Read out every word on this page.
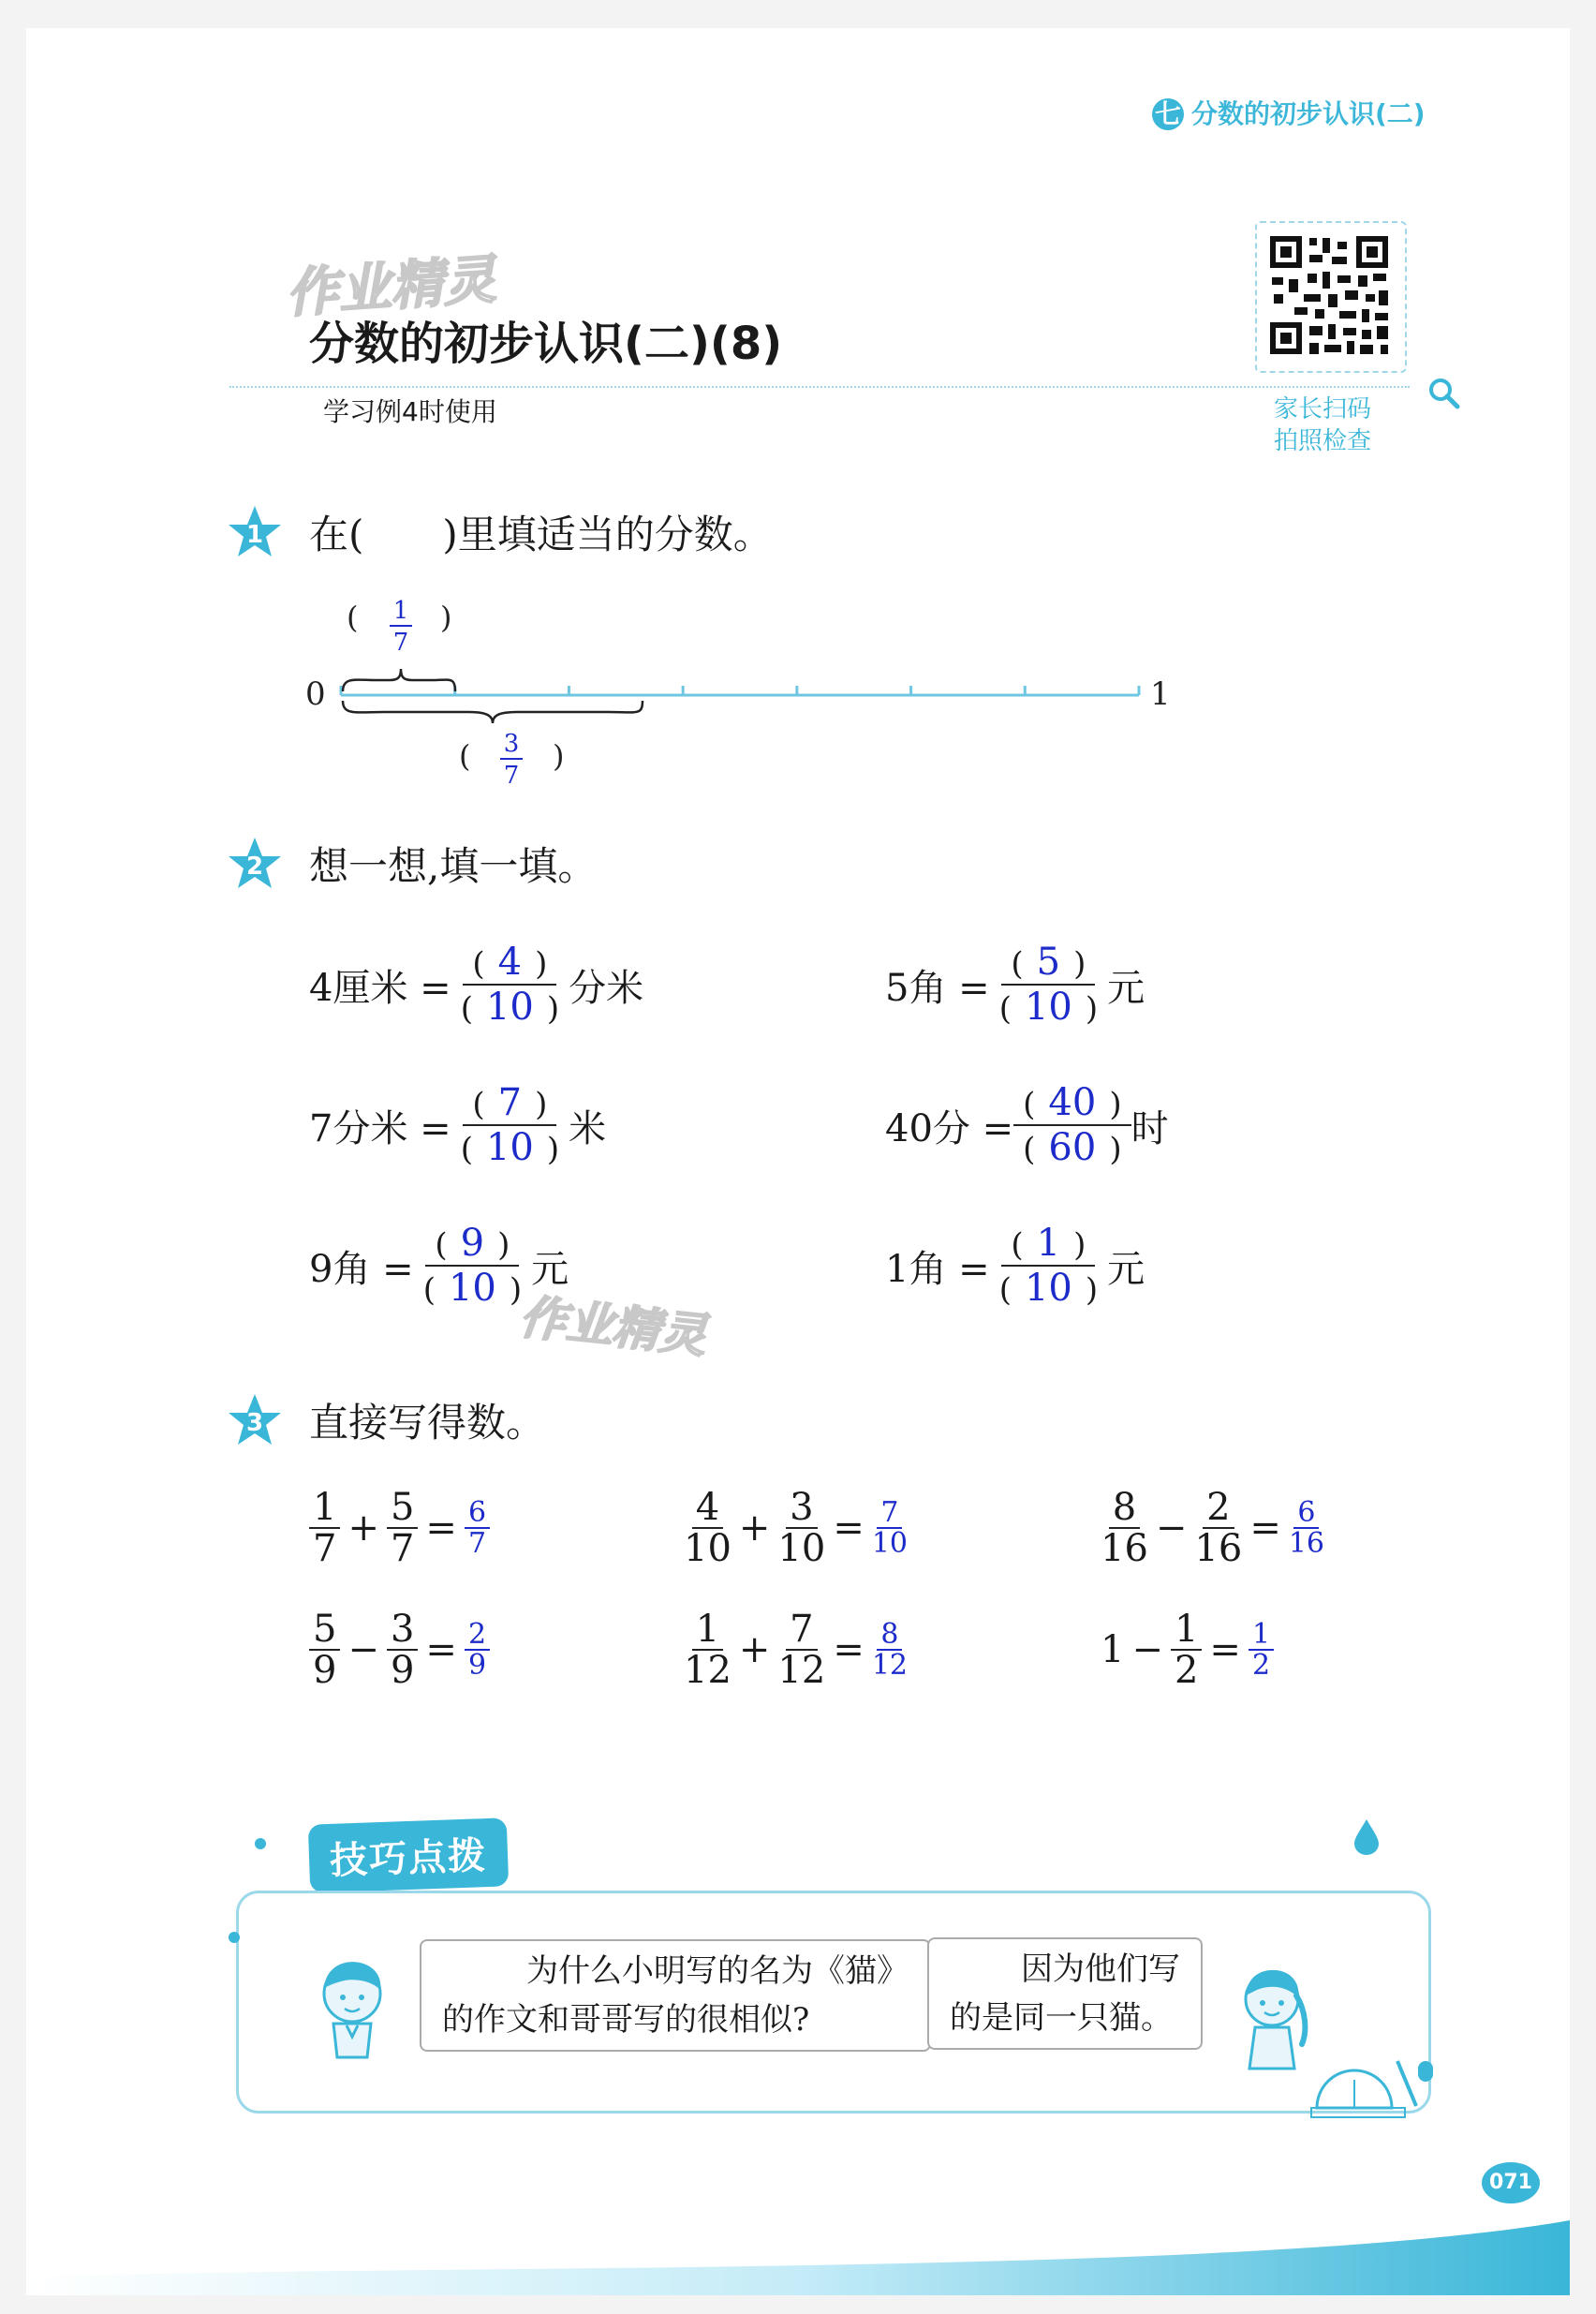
七 分数的初步认识(二)
作业精灵
分数的初步认识(二)(8)
学习例4时使用	家长扫码
拍照检查
1 在(　　)里填适当的分数。
0	1
(	)
1
7
(	)
3
7
2 想一想,填一填。
4厘米 = $\frac{( 4 )}{( 10 )}$ 分米	5角 = $\frac{( 5 )}{( 10 )}$ 元
7分米 = $\frac{( 7 )}{( 10 )}$ 米	40分 = $\frac{( 40 )}{( 60 )}$ 时
9角 = $\frac{( 9 )}{( 10 )}$ 元	1角 = $\frac{( 1 )}{( 10 )}$ 元
作业精灵
3 直接写得数。
$\frac{1}{7} + \frac{5}{7} = \frac{6}{7}$	$\frac{4}{10} + \frac{3}{10} = \frac{7}{10}$	$\frac{8}{16} - \frac{2}{16} = \frac{6}{16}$
$\frac{5}{9} - \frac{3}{9} = \frac{2}{9}$	$\frac{1}{12} + \frac{7}{12} = \frac{8}{12}$	$1 - \frac{1}{2} = \frac{1}{2}$
技巧点拨
为什么小明写的名为《猫》
的作文和哥哥写的很相似?
因为他们写
的是同一只猫。
071
